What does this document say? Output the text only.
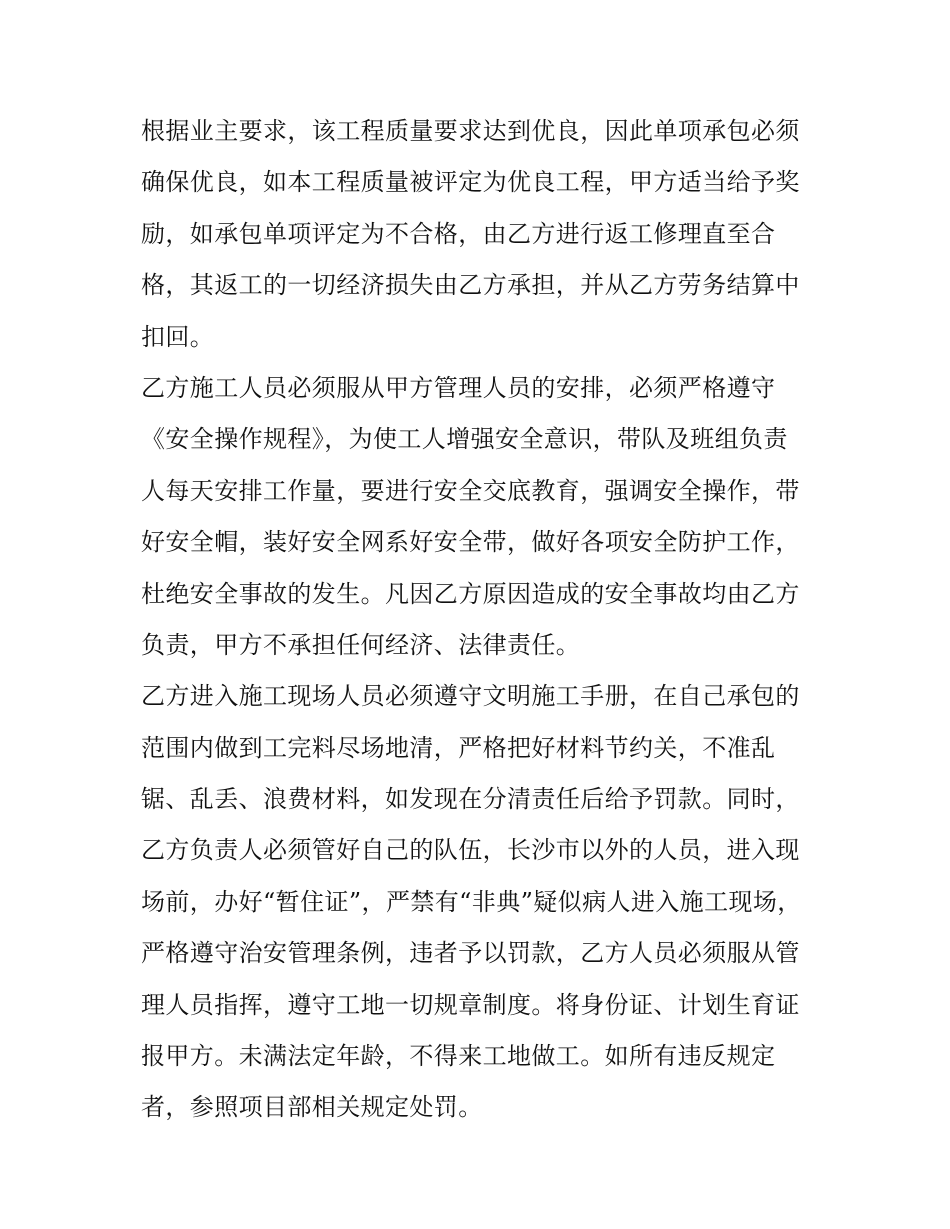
根据业主要求，该工程质量要求达到优良，因此单项承包必须
确保优良，如本工程质量被评定为优良工程，甲方适当给予奖
励，如承包单项评定为不合格，由乙方进行返工修理直至合
格，其返工的一切经济损失由乙方承担，并从乙方劳务结算中
扣回。
乙方施工人员必须服从甲方管理人员的安排，必须严格遵守
《安全操作规程》，为使工人增强安全意识，带队及班组负责
人每天安排工作量，要进行安全交底教育，强调安全操作，带
好安全帽，装好安全网系好安全带，做好各项安全防护工作，
杜绝安全事故的发生。凡因乙方原因造成的安全事故均由乙方
负责，甲方不承担任何经济、法律责任。
乙方进入施工现场人员必须遵守文明施工手册，在自己承包的
范围内做到工完料尽场地清，严格把好材料节约关，不准乱
锯、乱丢、浪费材料，如发现在分清责任后给予罚款。同时，
乙方负责人必须管好自己的队伍，长沙市以外的人员，进入现
场前，办好“暂住证”，严禁有“非典”疑似病人进入施工现场，
严格遵守治安管理条例，违者予以罚款，乙方人员必须服从管
理人员指挥，遵守工地一切规章制度。将身份证、计划生育证
报甲方。未满法定年龄，不得来工地做工。如所有违反规定
者，参照项目部相关规定处罚。
